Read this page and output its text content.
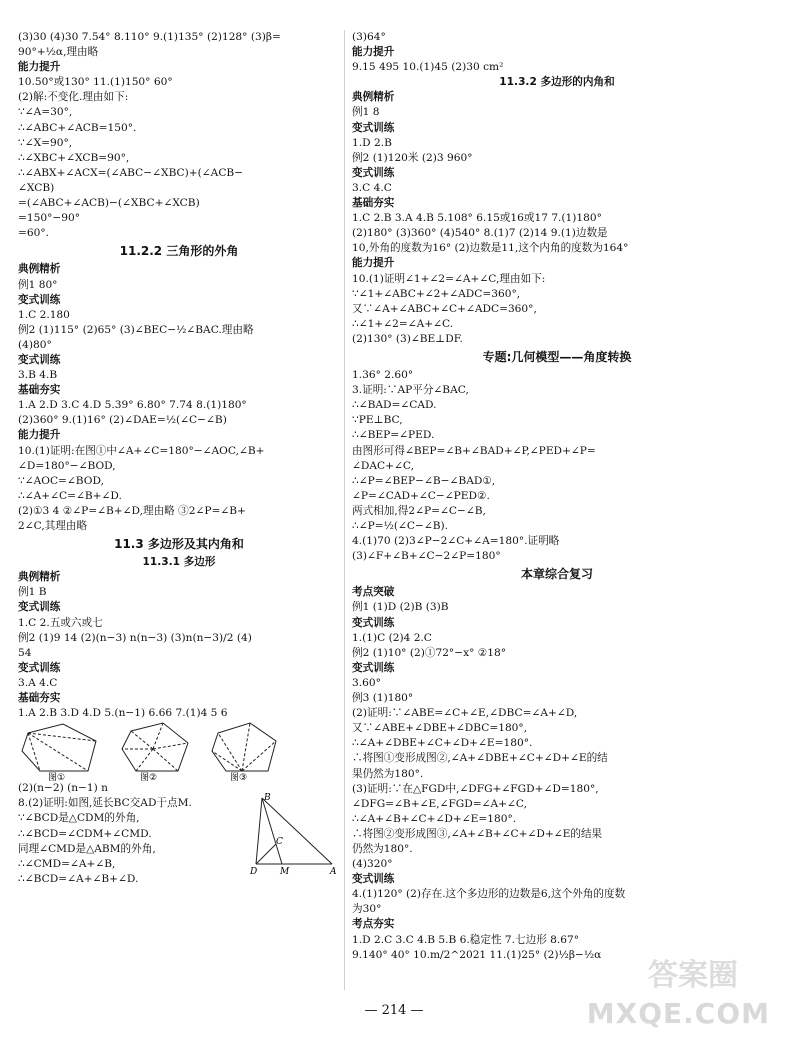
(3)30 (4)30 7.54° 8.110° 9.(1)135° (2)128° (3)β=
90°+½α,理由略
能力提升
10.50°或130° 11.(1)150° 60°
(2)解:不变化.理由如下:
∵∠A=30°,
∴∠ABC+∠ACB=150°.
∵∠X=90°,
∴∠XBC+∠XCB=90°,
∴∠ABX+∠ACX=(∠ABC−∠XBC)+(∠ACB−
∠XCB)
=(∠ABC+∠ACB)−(∠XBC+∠XCB)
=150°−90°
=60°.
11.2.2 三角形的外角
典例精析
例1 80°
变式训练
1.C 2.180
例2 (1)115° (2)65° (3)∠BEC−½∠BAC.理由略
(4)80°
变式训练
3.B 4.B
基础夯实
1.A 2.D 3.C 4.D 5.39° 6.80° 7.74 8.(1)180°
(2)360° 9.(1)16° (2)∠DAE=½(∠C−∠B)
能力提升
10.(1)证明:在图①中∠A+∠C=180°−∠AOC,∠B+
∠D=180°−∠BOD,
∵∠AOC=∠BOD,
∴∠A+∠C=∠B+∠D.
(2)①3 4 ②∠P=∠B+∠D,理由略 ③2∠P=∠B+
2∠C,其理由略
11.3 多边形及其内角和
11.3.1 多边形
典例精析
例1 B
变式训练
1.C 2.五或六或七
例2 (1)9 14 (2)(n−3) n(n−3) (3)n(n−3)/2 (4)
54
变式训练
3.A 4.C
基础夯实
1.A 2.B 3.D 4.D 5.(n−1) 6.66 7.(1)4 5 6
图①	图②	图③
(2)(n−2) (n−1) n
8.(2)证明:如图,延长BC交AD于点M.
∵∠BCD是△CDM的外角,
∴∠BCD=∠CDM+∠CMD.
同理∠CMD是△ABM的外角,
∴∠CMD=∠A+∠B,
∴∠BCD=∠A+∠B+∠D.
B
C
D	M	A
(3)64°
能力提升
9.15 495 10.(1)45 (2)30 cm²
11.3.2 多边形的内角和
典例精析
例1 8
变式训练
1.D 2.B
例2 (1)120米 (2)3 960°
变式训练
3.C 4.C
基础夯实
1.C 2.B 3.A 4.B 5.108° 6.15或16或17 7.(1)180°
(2)180° (3)360° (4)540° 8.(1)7 (2)14 9.(1)边数是
10,外角的度数为16° (2)边数是11,这个内角的度数为164°
能力提升
10.(1)证明∠1+∠2=∠A+∠C,理由如下:
∵∠1+∠ABC+∠2+∠ADC=360°,
又∵∠A+∠ABC+∠C+∠ADC=360°,
∴∠1+∠2=∠A+∠C.
(2)130° (3)∠BE⊥DF.
专题:几何模型——角度转换
1.36° 2.60°
3.证明:∵AP平分∠BAC,
∴∠BAD=∠CAD.
∵PE⊥BC,
∴∠BEP=∠PED.
由图形可得∠BEP=∠B+∠BAD+∠P,∠PED+∠P=
∠DAC+∠C,
∴∠P=∠BEP−∠B−∠BAD①,
∠P=∠CAD+∠C−∠PED②.
两式相加,得2∠P=∠C−∠B,
∴∠P=½(∠C−∠B).
4.(1)70 (2)3∠P−2∠C+∠A=180°.证明略
(3)∠F+∠B+∠C−2∠P=180°
本章综合复习
考点突破
例1 (1)D (2)B (3)B
变式训练
1.(1)C (2)4 2.C
例2 (1)10° (2)①72°−x° ②18°
变式训练
3.60°
例3 (1)180°
(2)证明:∵∠ABE=∠C+∠E,∠DBC=∠A+∠D,
又∵∠ABE+∠DBE+∠DBC=180°,
∴∠A+∠DBE+∠C+∠D+∠E=180°.
∴将图①变形成图②,∠A+∠DBE+∠C+∠D+∠E的结
果仍然为180°.
(3)证明:∵在△FGD中,∠DFG+∠FGD+∠D=180°,
∠DFG=∠B+∠E,∠FGD=∠A+∠C,
∴∠A+∠B+∠C+∠D+∠E=180°.
∴将图②变形成图③,∠A+∠B+∠C+∠D+∠E的结果
仍然为180°.
(4)320°
变式训练
4.(1)120° (2)存在.这个多边形的边数是6,这个外角的度数
为30°
考点夯实
1.D 2.C 3.C 4.B 5.B 6.稳定性 7.七边形 8.67°
9.140° 40° 10.m/2^2021 11.(1)25° (2)½β−½α
— 214 —
答案圈
MXQE.COM
